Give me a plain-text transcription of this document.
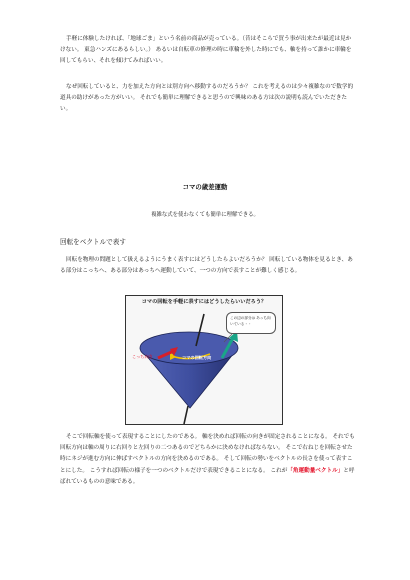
手軽に体験したければ、「地球ごま」という名前の商品が売っている。（昔はそこらで買う事が出来たが最近は見かけない。 東急ハンズにあるらしい。） あるいは自転車の修理の時に車輪を外した時にでも、軸を持って誰かに車輪を回してもらい、それを傾けてみればいい。

なぜ回転していると、力を加えた方向とは別方向へ移動するのだろうか？ これを考えるのは少々複雑なので数学的道具の助けがあった方がいい。 それでも簡単に理解できると思うので興味のある方は次の説明も読んでいただきたい。

コマの歳差運動

複雑な式を使わなくても簡単に理解できる。

回転をベクトルで表す

回転を物理の問題として扱えるようにうまく表すにはどうしたらよいだろうか？ 回転している物体を見るとき、ある部分はこっちへ、ある部分はあっちへ運動していて、一つの方向で表すことが難しく感じる。

コマの回転を手軽に表すにはどうしたらいいだろう？
この辺の部分は あっち向いている・・
こっち向き	コマの回転方向

そこで回転軸を使って表現することにしたのである。 軸を決めれば回転の向きが固定されることになる。 それでも回転方向は軸の周りに右回りと左回りの二つあるのでどちらかに決めなければならない。 そこで右ねじを回転させた時にネジが進む方向に伸ばすベクトルの方向を決めるのである。 そして回転の勢いをベクトルの長さを使って表すことにした。 こうすれば回転の様子を一つのベクトルだけで表現できることになる。 これが「角運動量ベクトル」と呼ばれているものの意味である。
